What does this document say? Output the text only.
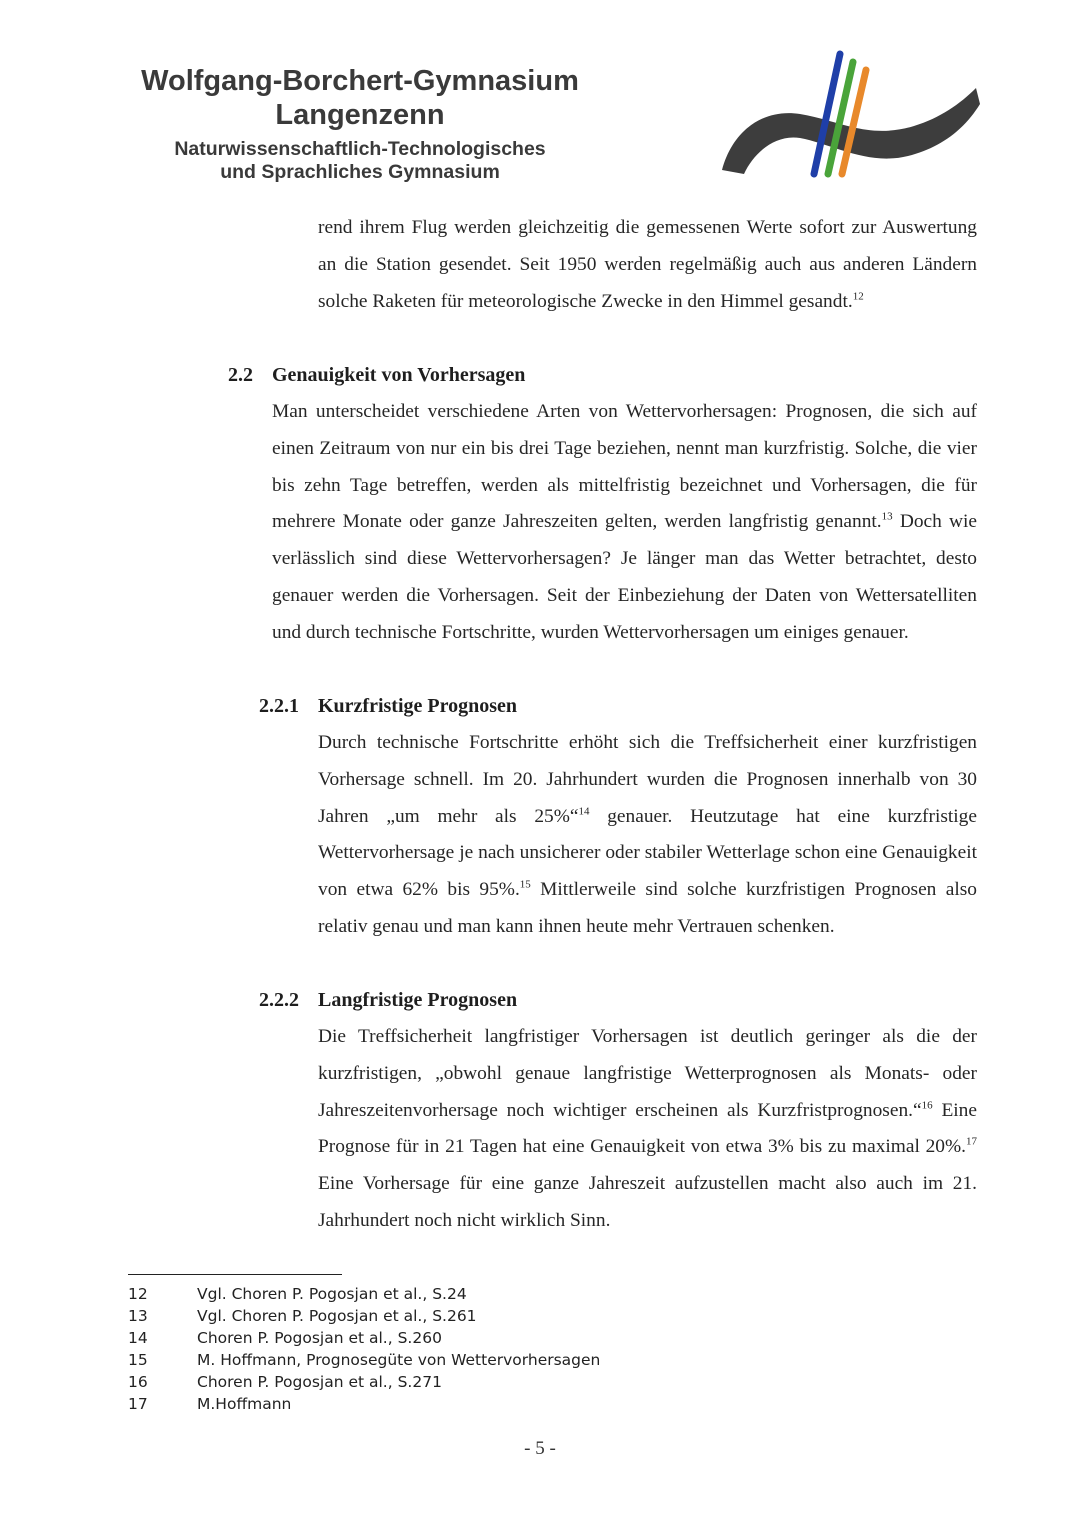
Wolfgang-Borchert-Gymnasium
Langenzenn
Naturwissenschaftlich-Technologisches
und Sprachliches Gymnasium

rend ihrem Flug werden gleichzeitig die gemessenen Werte sofort zur Auswertung an die Station gesendet. Seit 1950 werden regelmäßig auch aus anderen Ländern solche Raketen für meteorologische Zwecke in den Himmel gesandt.$^{12}$

2.2 Genauigkeit von Vorhersagen

Man unterscheidet verschiedene Arten von Wettervorhersagen: Prognosen, die sich auf einen Zeitraum von nur ein bis drei Tage beziehen, nennt man kurzfristig. Solche, die vier bis zehn Tage betreffen, werden als mittelfristig bezeichnet und Vorhersagen, die für mehrere Monate oder ganze Jahreszeiten gelten, werden langfristig genannt.$^{13}$ Doch wie verlässlich sind diese Wettervorhersagen? Je länger man das Wetter betrachtet, desto genauer werden die Vorhersagen. Seit der Einbeziehung der Daten von Wettersatelliten und durch technische Fortschritte, wurden Wettervorhersagen um einiges genauer.

2.2.1 Kurzfristige Prognosen

Durch technische Fortschritte erhöht sich die Treffsicherheit einer kurzfristigen Vorhersage schnell. Im 20. Jahrhundert wurden die Prognosen innerhalb von 30 Jahren „um mehr als 25%“$^{14}$ genauer. Heutzutage hat eine kurzfristige Wettervorhersage je nach unsicherer oder stabiler Wetterlage schon eine Genauigkeit von etwa 62% bis 95%.$^{15}$ Mittlerweile sind solche kurzfristigen Prognosen also relativ genau und man kann ihnen heute mehr Vertrauen schenken.

2.2.2 Langfristige Prognosen

Die Treffsicherheit langfristiger Vorhersagen ist deutlich geringer als die der kurzfristigen, „obwohl genaue langfristige Wetterprognosen als Monats- oder Jahreszeitenvorhersage noch wichtiger erscheinen als Kurzfristprognosen.“$^{16}$ Eine Prognose für in 21 Tagen hat eine Genauigkeit von etwa 3% bis zu maximal 20%.$^{17}$ Eine Vorhersage für eine ganze Jahreszeit aufzustellen macht also auch im 21. Jahrhundert noch nicht wirklich Sinn.

12	Vgl. Choren P. Pogosjan et al., S.24
13	Vgl. Choren P. Pogosjan et al., S.261
14	Choren P. Pogosjan et al., S.260
15	M. Hoffmann, Prognosegüte von Wettervorhersagen
16	Choren P. Pogosjan et al., S.271
17	M.Hoffmann
- 5 -
